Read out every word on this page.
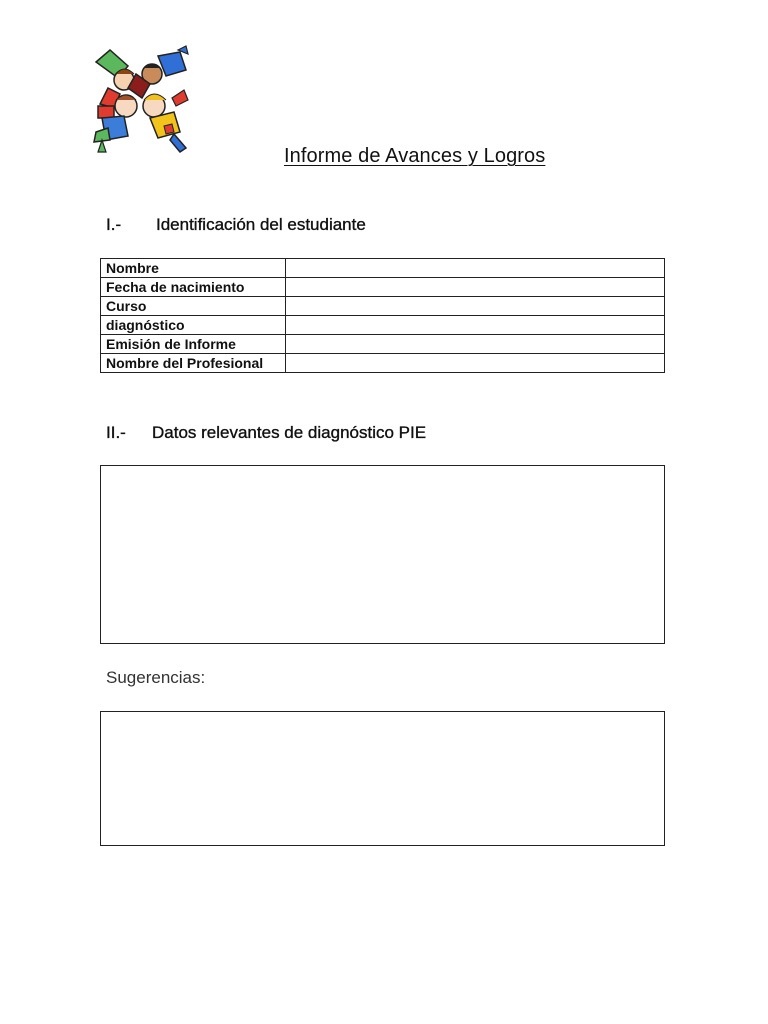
Informe de Avances y Logros
I.- Identificación del estudiante
Nombre	
Fecha de nacimiento	
Curso	
diagnóstico	
Emisión de Informe	
Nombre del Profesional	
II.- Datos relevantes de diagnóstico PIE
Sugerencias:
